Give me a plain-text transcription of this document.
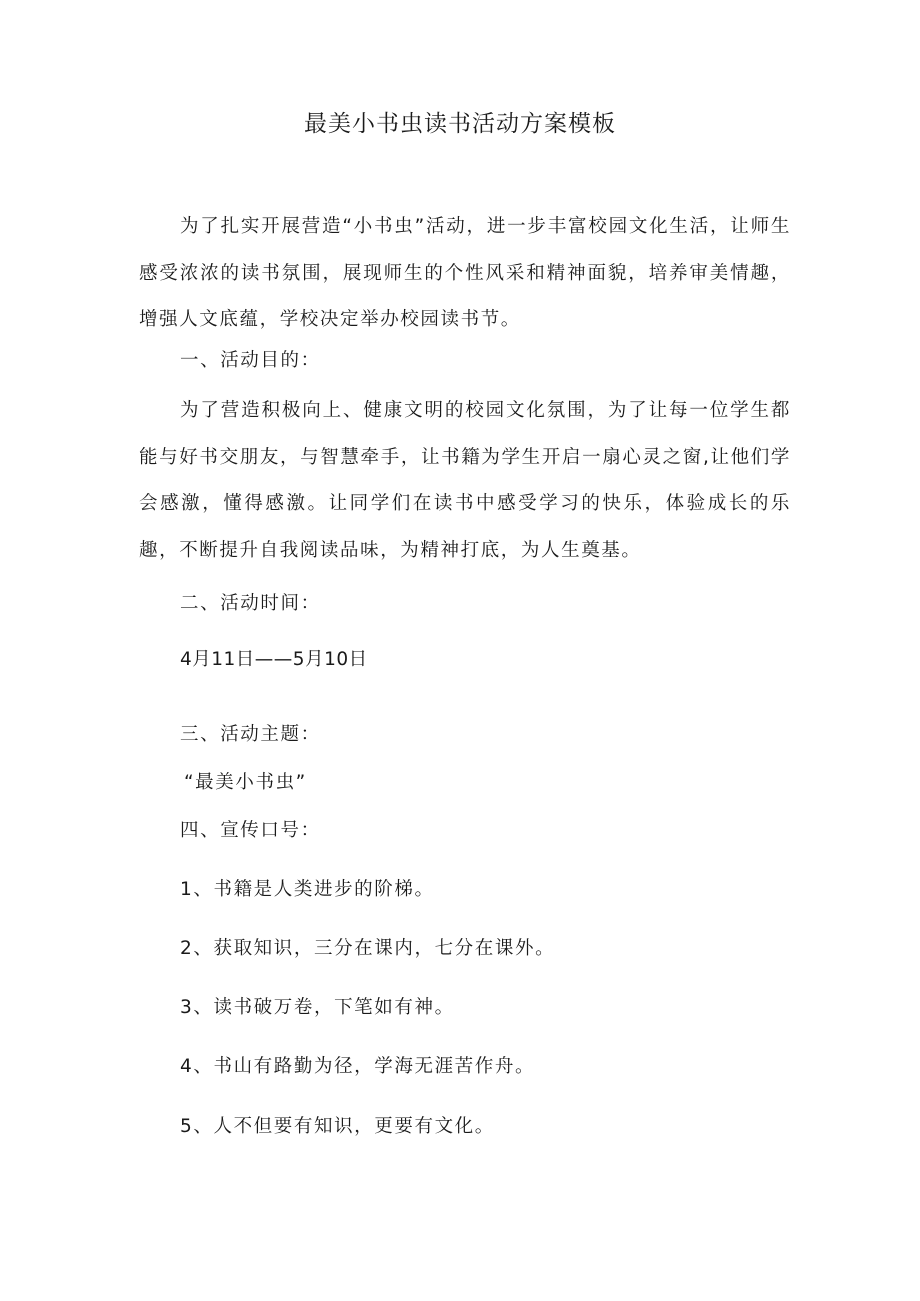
最美小书虫读书活动方案模板

为了扎实开展营造“小书虫”活动，进一步丰富校园文化生活，让师生感受浓浓的读书氛围，展现师生的个性风采和精神面貌，培养审美情趣，增强人文底蕴，学校决定举办校园读书节。

一、活动目的：

为了营造积极向上、健康文明的校园文化氛围，为了让每一位学生都能与好书交朋友，与智慧牵手，让书籍为学生开启一扇心灵之窗,让他们学会感激，懂得感激。让同学们在读书中感受学习的快乐，体验成长的乐趣，不断提升自我阅读品味，为精神打底，为人生奠基。

二、活动时间：

4月11日——5月10日

三、活动主题：

“最美小书虫”

四、宣传口号：

1、书籍是人类进步的阶梯。

2、获取知识，三分在课内，七分在课外。

3、读书破万卷，下笔如有神。

4、书山有路勤为径，学海无涯苦作舟。

5、人不但要有知识，更要有文化。
